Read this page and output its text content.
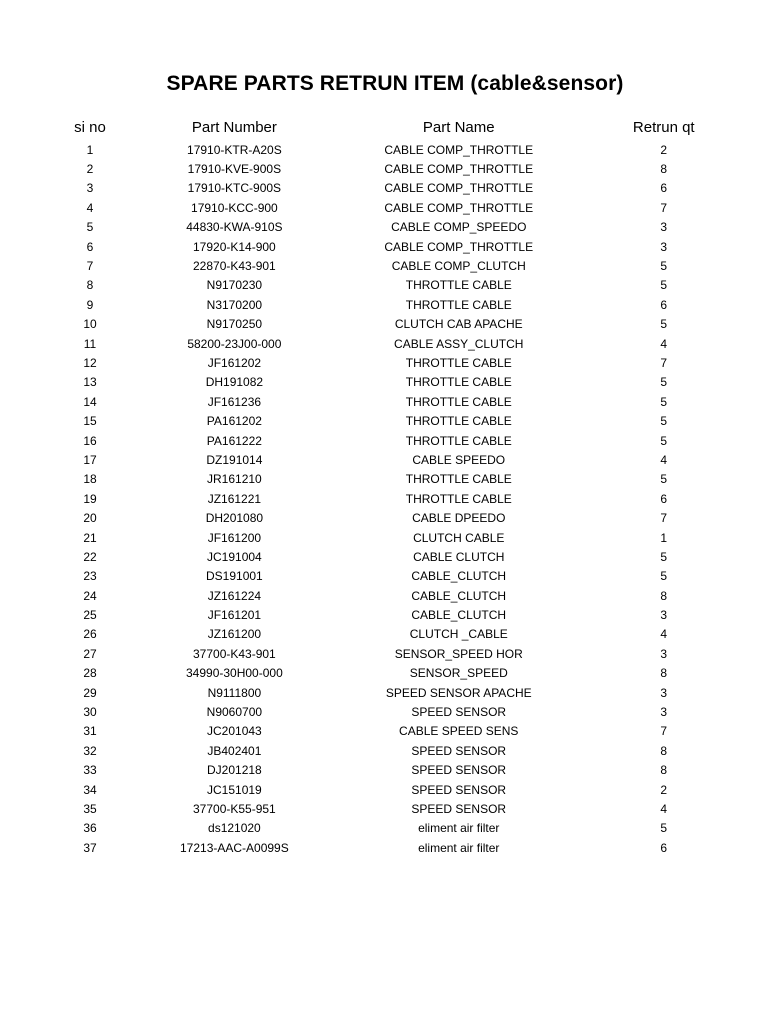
SPARE PARTS RETRUN ITEM (cable&sensor)
si no	Part Number	Part Name	Retrun qt
1	17910-KTR-A20S	CABLE COMP_THROTTLE	2
2	17910-KVE-900S	CABLE COMP_THROTTLE	8
3	17910-KTC-900S	CABLE COMP_THROTTLE	6
4	17910-KCC-900	CABLE COMP_THROTTLE	7
5	44830-KWA-910S	CABLE COMP_SPEEDO	3
6	17920-K14-900	CABLE COMP_THROTTLE	3
7	22870-K43-901	CABLE COMP_CLUTCH	5
8	N9170230	THROTTLE CABLE	5
9	N3170200	THROTTLE CABLE	6
10	N9170250	CLUTCH CAB APACHE	5
11	58200-23J00-000	CABLE ASSY_CLUTCH	4
12	JF161202	THROTTLE CABLE	7
13	DH191082	THROTTLE CABLE	5
14	JF161236	THROTTLE CABLE	5
15	PA161202	THROTTLE CABLE	5
16	PA161222	THROTTLE CABLE	5
17	DZ191014	CABLE SPEEDO	4
18	JR161210	THROTTLE CABLE	5
19	JZ161221	THROTTLE CABLE	6
20	DH201080	CABLE DPEEDO	7
21	JF161200	CLUTCH CABLE	1
22	JC191004	CABLE CLUTCH	5
23	DS191001	CABLE_CLUTCH	5
24	JZ161224	CABLE_CLUTCH	8
25	JF161201	CABLE_CLUTCH	3
26	JZ161200	CLUTCH _CABLE	4
27	37700-K43-901	SENSOR_SPEED HOR	3
28	34990-30H00-000	SENSOR_SPEED	8
29	N9111800	SPEED SENSOR APACHE	3
30	N9060700	SPEED SENSOR	3
31	JC201043	CABLE SPEED SENS	7
32	JB402401	SPEED SENSOR	8
33	DJ201218	SPEED SENSOR	8
34	JC151019	SPEED SENSOR	2
35	37700-K55-951	SPEED SENSOR	4
36	ds121020	eliment air filter	5
37	17213-AAC-A0099S	eliment air filter	6
